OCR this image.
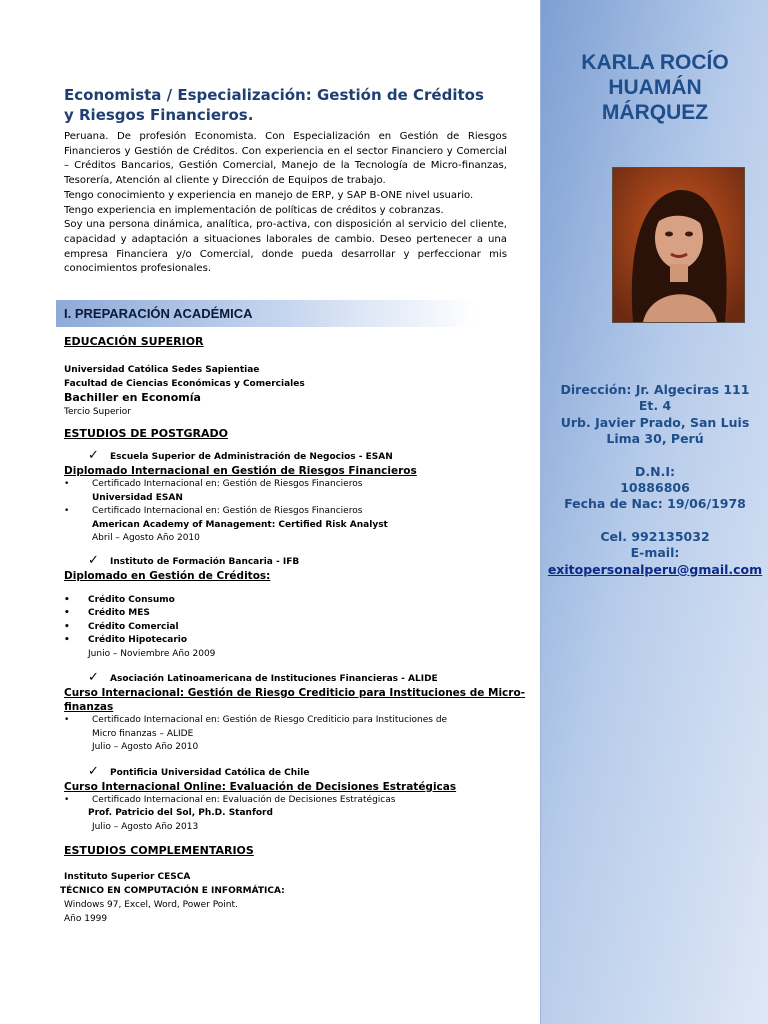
KARLA ROCÍO
HUAMÁN
MÁRQUEZ
Dirección: Jr. Algeciras 111
Et. 4
Urb. Javier Prado, San Luis
Lima 30, Perú
D.N.I:
10886806
Fecha de Nac: 19/06/1978
Cel. 992135032
E-mail:
exitopersonalperu@gmail.com
Economista / Especialización: Gestión de Créditos
y Riesgos Financieros.

Peruana. De profesión Economista. Con Especialización en Gestión de Riesgos Financieros y Gestión de Créditos. Con experiencia en el sector Financiero y Comercial – Créditos Bancarios, Gestión Comercial, Manejo de la Tecnología de Micro-finanzas, Tesorería, Atención al cliente y Dirección de Equipos de trabajo.

Tengo conocimiento y experiencia en manejo de ERP, y SAP B-ONE nivel usuario.

Tengo experiencia en implementación de políticas de créditos y cobranzas.

Soy una persona dinámica, analítica, pro-activa, con disposición al servicio del cliente, capacidad y adaptación a situaciones laborales de cambio. Deseo pertenecer a una empresa Financiera y/o Comercial, donde pueda desarrollar y perfeccionar mis conocimientos profesionales.

I. PREPARACIÓN ACADÉMICA

EDUCACIÓN SUPERIOR

Universidad Católica Sedes Sapientiae
Facultad de Ciencias Económicas y Comerciales
Bachiller en Economía
Tercio Superior

ESTUDIOS DE POSTGRADO

✓ Escuela Superior de Administración de Negocios - ESAN
Diplomado Internacional en Gestión de Riesgos Financieros
• Certificado Internacional en: Gestión de Riesgos Financieros
Universidad ESAN
• Certificado Internacional en: Gestión de Riesgos Financieros
American Academy of Management: Certified Risk Analyst
Abril – Agosto Año 2010
✓ Instituto de Formación Bancaria - IFB
Diplomado en Gestión de Créditos:
• Crédito Consumo
• Crédito MES
• Crédito Comercial
• Crédito Hipotecario
Junio – Noviembre Año 2009
✓ Asociación Latinoamericana de Instituciones Financieras - ALIDE
Curso Internacional: Gestión de Riesgo Crediticio para Instituciones de Micro-finanzas
• Certificado Internacional en: Gestión de Riesgo Crediticio para Instituciones de
Micro finanzas – ALIDE
Julio – Agosto Año 2010
✓ Pontificia Universidad Católica de Chile
Curso Internacional Online: Evaluación de Decisiones Estratégicas
• Certificado Internacional en: Evaluación de Decisiones Estratégicas
Prof. Patricio del Sol, Ph.D. Stanford
Julio – Agosto Año 2013

ESTUDIOS COMPLEMENTARIOS

Instituto Superior CESCA
TÉCNICO EN COMPUTACIÓN E INFORMÁTICA:
Windows 97, Excel, Word, Power Point.
Año 1999
